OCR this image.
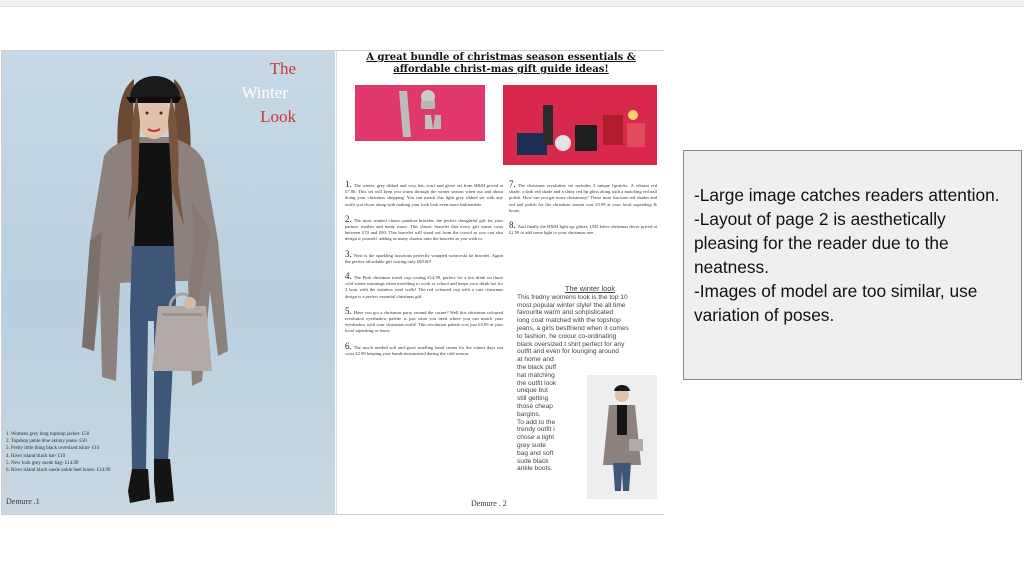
The
Winter
Look
1. Womens grey long topshop jacket- £50
2. Topshop jamie blue skinny jeans- £50
3. Pretty little thing black oversized tshirt- £10
4. River island black hat- £10
5. New look grey suede bag- £14.99
6. River island black suede ankle heel boots- £14.99
Demure .1
A great bundle of christmas season essentials & affordable christ-mas gift guide ideas!
1. The winter, grey ribbed and cosy hat, scarf and glove set from H&M priced at £7.00. This set will keep you warm through the winter season when out and about doing your christmas shopping. You can match this light grey ribbed set with any outfit you chose along with making your look look even more fashionable.
2. The most wanted classic pandora bracelet, the perfect thoughtful gift for your partner, mother and many more. This classic bracelet that every girl wants costs between £70 and £80. This bracelet will stand out from the crowd as you can also design it yourself, adding as many charms onto the bracelet as you wish to.
3. Next is the sparkling luxurious perfectly wrapped swarovski tie bracelet. Again the perfect affordable gift costing only £69.00!
4. The Pink christmas travel cup costing £14.99, perfect for a hot drink on those cold winter mornings when travelling to work or school and keeps your drink hot for 3 hour with the stainless steel walls! The red coloured cup with a cute christmas design is a perfect essential christmas gift.
5. Have you got a christmas party around the corner? Well this christmas coloured revolution eyeshadow palette is just what you need where you can match your eyeshadow with your christmas outfit! This revolution palette cost just £4.99 at your local superdrug or boots
6. The much needed soft and great smelling hand cream for the winter days out costs £2.99 keeping your hands moisturized during the cold season.
7. The christmas revolution set includes 3 unique lipsticks. A vibrant red shade, a dark red shade and a shiny red lip gloss along with a matching red nail polish. How can you get more christmasy? These most luscious red shades and red nail polish for the christmas season cost £5.99 at your local superdrug & boots.
8. And finally the H&M light up, glitter, LED letter christmas decor priced at £2.99 to add some light to your christmas tree.
The winter look
This fredny womens look is the top 10
most popular winter style! the all time
favourite warm and sohpislicated
long coat matched with the topshop
jeans, a girls bestfriend when it comes
to fashion. he colour co-ordinating
black oversized t shirt perfect for any
outfit and even for lounging around
at home and
the black puff
hat matching
the outfit look
unique but
still getting
those cheap
bargins.
To add to the
trendy outfit i
chose a light
grey sude
bag and soft
sude black
ankle boots.
Demure . 2
-Large image catches readers attention.
-Layout of page 2 is aesthetically pleasing for the reader due to the neatness.
-Images of model are too similar, use variation of poses.
